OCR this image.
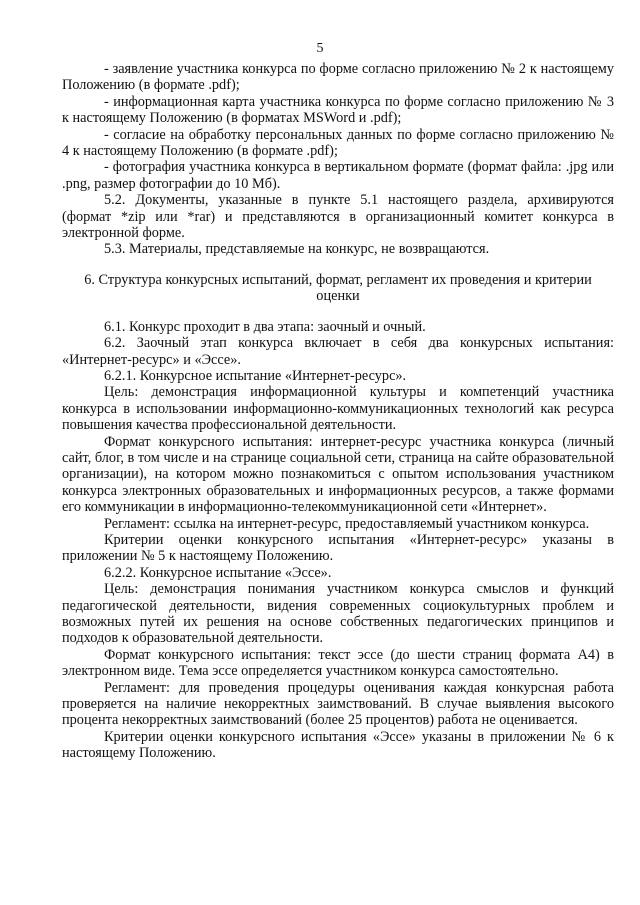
5

- заявление участника конкурса по форме согласно приложению № 2 к настоящему Положению (в формате .pdf);

- информационная карта участника конкурса по форме согласно приложению № 3 к настоящему Положению (в форматах MSWord и .pdf);

- согласие на обработку персональных данных по форме согласно приложению № 4 к настоящему Положению (в формате .pdf);

- фотография участника конкурса в вертикальном формате (формат файла: .jpg или .png, размер фотографии до 10 Мб).

5.2. Документы, указанные в пункте 5.1 настоящего раздела, архивируются (формат *zip или *rar) и представляются в организационный комитет конкурса в электронной форме.

5.3. Материалы, представляемые на конкурс, не возвращаются.

6. Структура конкурсных испытаний, формат, регламент их проведения и критерии оценки

6.1. Конкурс проходит в два этапа: заочный и очный.

6.2. Заочный этап конкурса включает в себя два конкурсных испытания: «Интернет-ресурс» и «Эссе».

6.2.1. Конкурсное испытание «Интернет-ресурс».

Цель: демонстрация информационной культуры и компетенций участника конкурса в использовании информационно-коммуникационных технологий как ресурса повышения качества профессиональной деятельности.

Формат конкурсного испытания: интернет-ресурс участника конкурса (личный сайт, блог, в том числе и на странице социальной сети, страница на сайте образовательной организации), на котором можно познакомиться с опытом использования участником конкурса электронных образовательных и информационных ресурсов, а также формами его коммуникации в информационно-телекоммуникационной сети «Интернет».

Регламент: ссылка на интернет-ресурс, предоставляемый участником конкурса.

Критерии оценки конкурсного испытания «Интернет-ресурс» указаны в приложении № 5 к настоящему Положению.

6.2.2. Конкурсное испытание «Эссе».

Цель: демонстрация понимания участником конкурса смыслов и функций педагогической деятельности, видения современных социокультурных проблем и возможных путей их решения на основе собственных педагогических принципов и подходов к образовательной деятельности.

Формат конкурсного испытания: текст эссе (до шести страниц формата А4) в электронном виде. Тема эссе определяется участником конкурса самостоятельно.

Регламент: для проведения процедуры оценивания каждая конкурсная работа проверяется на наличие некорректных заимствований. В случае выявления высокого процента некорректных заимствований (более 25 процентов) работа не оценивается.

Критерии оценки конкурсного испытания «Эссе» указаны в приложении № 6 к настоящему Положению.
